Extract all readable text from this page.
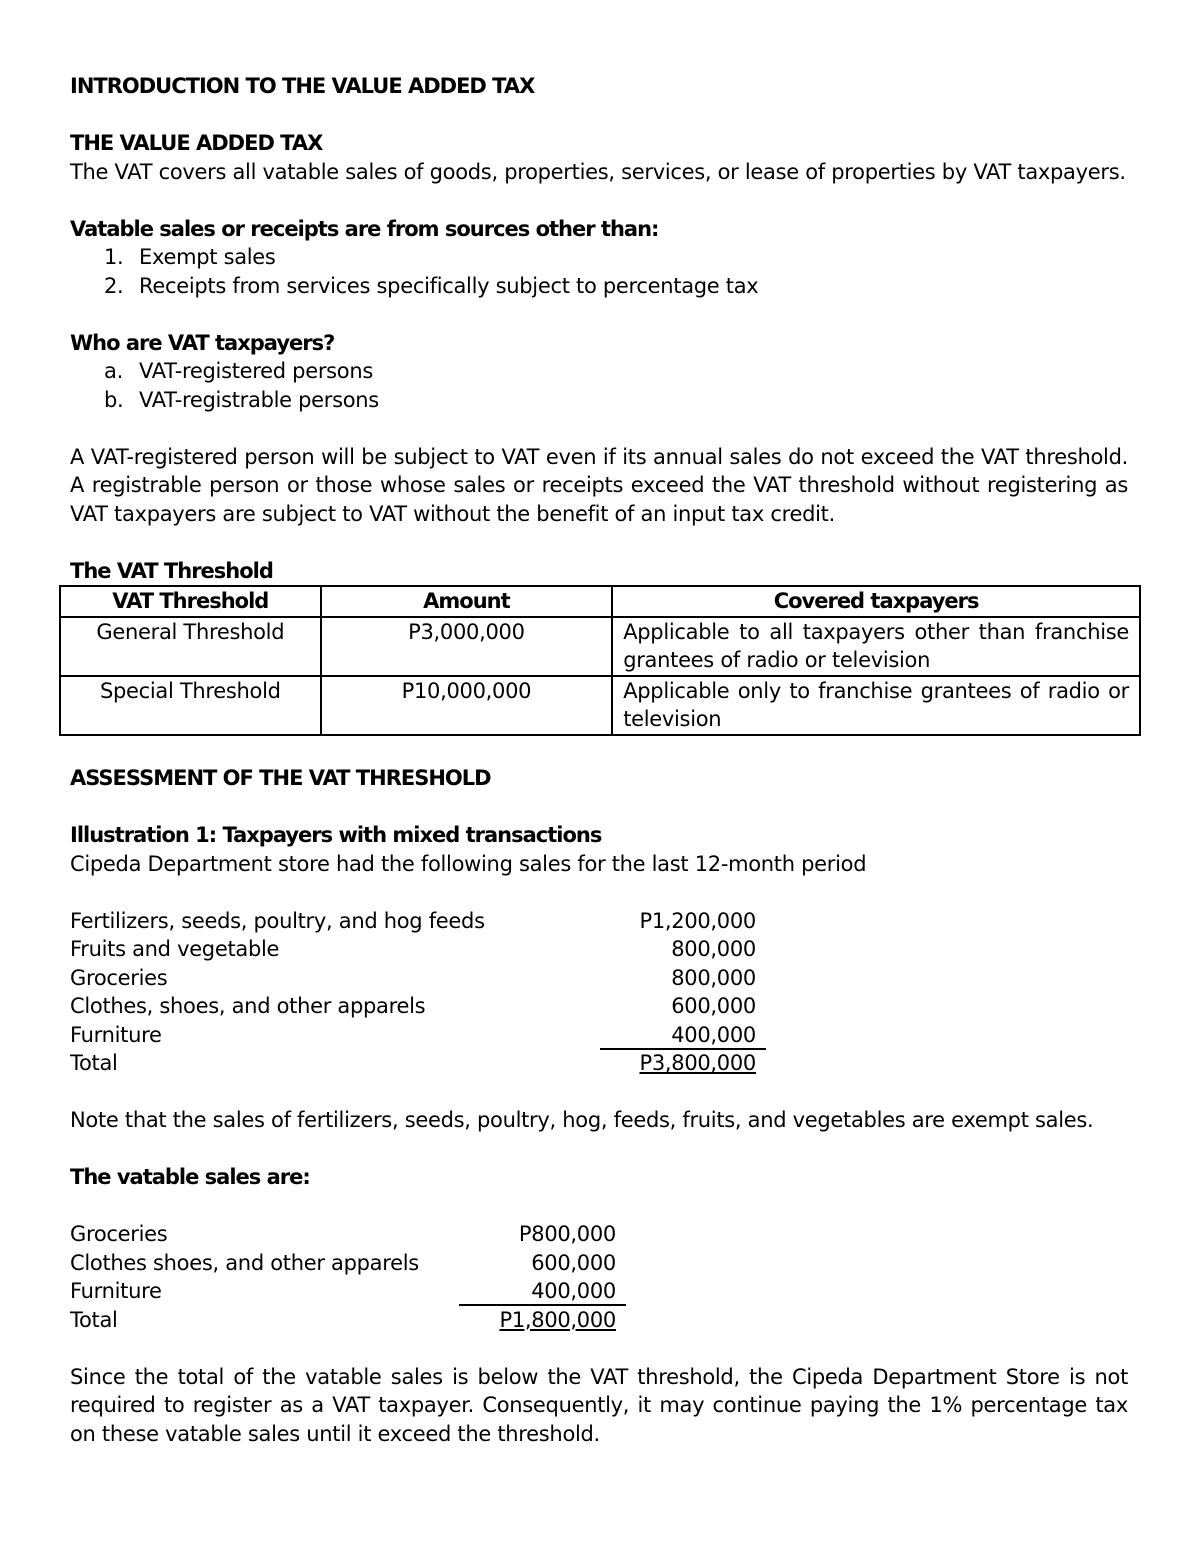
INTRODUCTION TO THE VALUE ADDED TAX

THE VALUE ADDED TAX

The VAT covers all vatable sales of goods, properties, services, or lease of properties by VAT taxpayers.

Vatable sales or receipts are from sources other than:

1. Exempt sales
2. Receipts from services specifically subject to percentage tax

Who are VAT taxpayers?

a. VAT-registered persons
b. VAT-registrable persons

A VAT-registered person will be subject to VAT even if its annual sales do not exceed the VAT threshold. A registrable person or those whose sales or receipts exceed the VAT threshold without registering as VAT taxpayers are subject to VAT without the benefit of an input tax credit.

The VAT Threshold

VAT Threshold	Amount	Covered taxpayers
General Threshold	P3,000,000	Applicable to all taxpayers other than franchise grantees of radio or television
Special Threshold	P10,000,000	Applicable only to franchise grantees of radio or television

ASSESSMENT OF THE VAT THRESHOLD

Illustration 1: Taxpayers with mixed transactions

Cipeda Department store had the following sales for the last 12-month period

Fertilizers, seeds, poultry, and hog feeds	P1,200,000
Fruits and vegetable	800,000
Groceries	800,000
Clothes, shoes, and other apparels	600,000
Furniture	400,000
Total	P3,800,000

Note that the sales of fertilizers, seeds, poultry, hog, feeds, fruits, and vegetables are exempt sales.

The vatable sales are:

Groceries	P800,000
Clothes shoes, and other apparels	600,000
Furniture	400,000
Total	P1,800,000

Since the total of the vatable sales is below the VAT threshold, the Cipeda Department Store is not required to register as a VAT taxpayer. Consequently, it may continue paying the 1% percentage tax on these vatable sales until it exceed the threshold.
